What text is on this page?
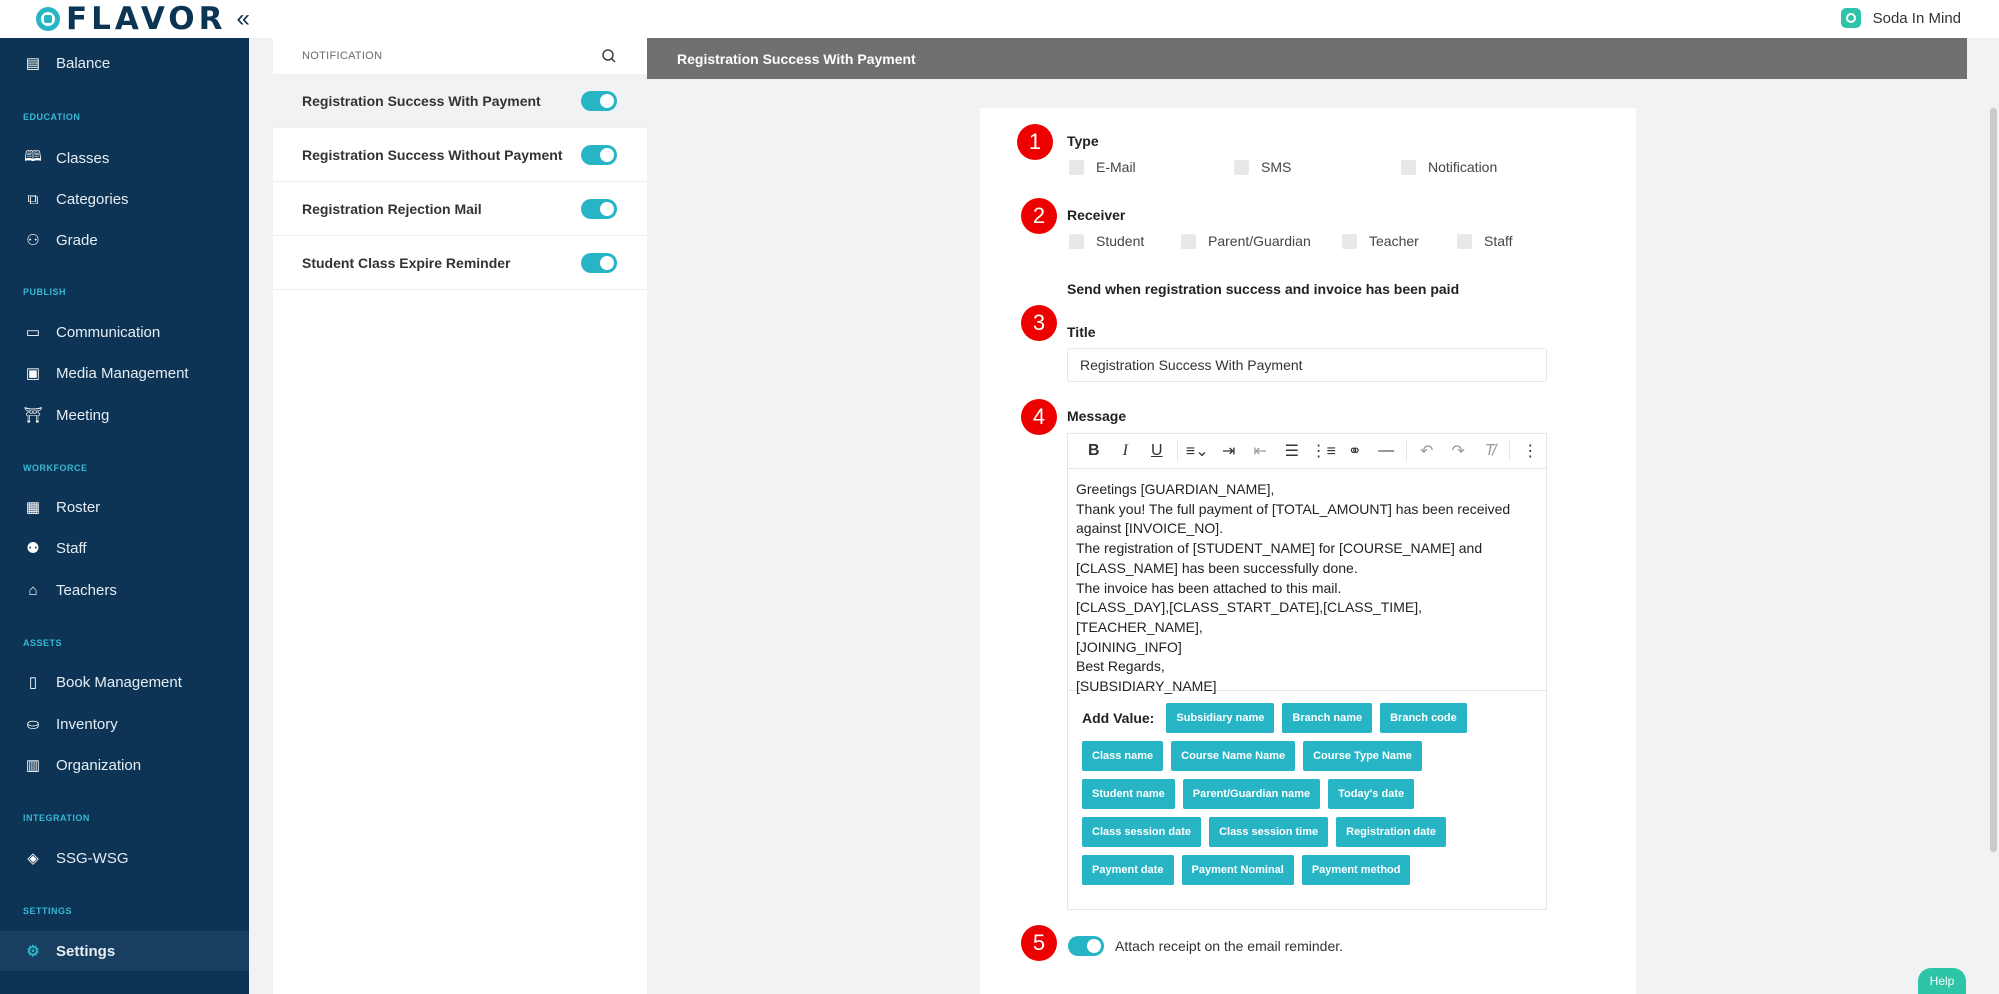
FLAVOR «	Soda In Mind
▤ Balance
EDUCATION
🕮 Classes
⧉ Categories
⚇ Grade
PUBLISH
▭ Communication
▣ Media Management
⛩ Meeting
WORKFORCE
▦ Roster
⚉ Staff
⌂ Teachers
ASSETS
▯	Book Management
⛀ Inventory
▥ Organization
INTEGRATION
◈ SSG-WSG
SETTINGS
⚙ Settings
NOTIFICATION
Registration Success With Payment
Registration Success Without Payment
Registration Rejection Mail
Student Class Expire Reminder
Registration Success With Payment
1	Type
E-Mail	SMS	Notification
2	Receiver
Student	Parent/Guardian	Teacher	Staff
Send when registration success and invoice has been paid
3	Title
Registration Success With Payment
4	Message
B	I	U	≡⌄ ⇥	⇤	☰ ⋮≡ ⚭	—	↶	↷	T̸	⋮
Greetings [GUARDIAN_NAME],
Thank you! The full payment of [TOTAL_AMOUNT] has been received
against [INVOICE_NO].
The registration of [STUDENT_NAME] for [COURSE_NAME] and
[CLASS_NAME] has been successfully done.
The invoice has been attached to this mail.
[CLASS_DAY],[CLASS_START_DATE],[CLASS_TIME],[TEACHER_NAME],
[JOINING_INFO]
Best Regards,
[SUBSIDIARY_NAME]
Add Value:	Subsidiary name	Branch name	Branch code
Class name	Course Name Name	Course Type Name
Student name	Parent/Guardian name	Today's date
Class session date	Class session time	Registration date
Payment date	Payment Nominal	Payment method
5	Attach receipt on the email reminder.
Help
